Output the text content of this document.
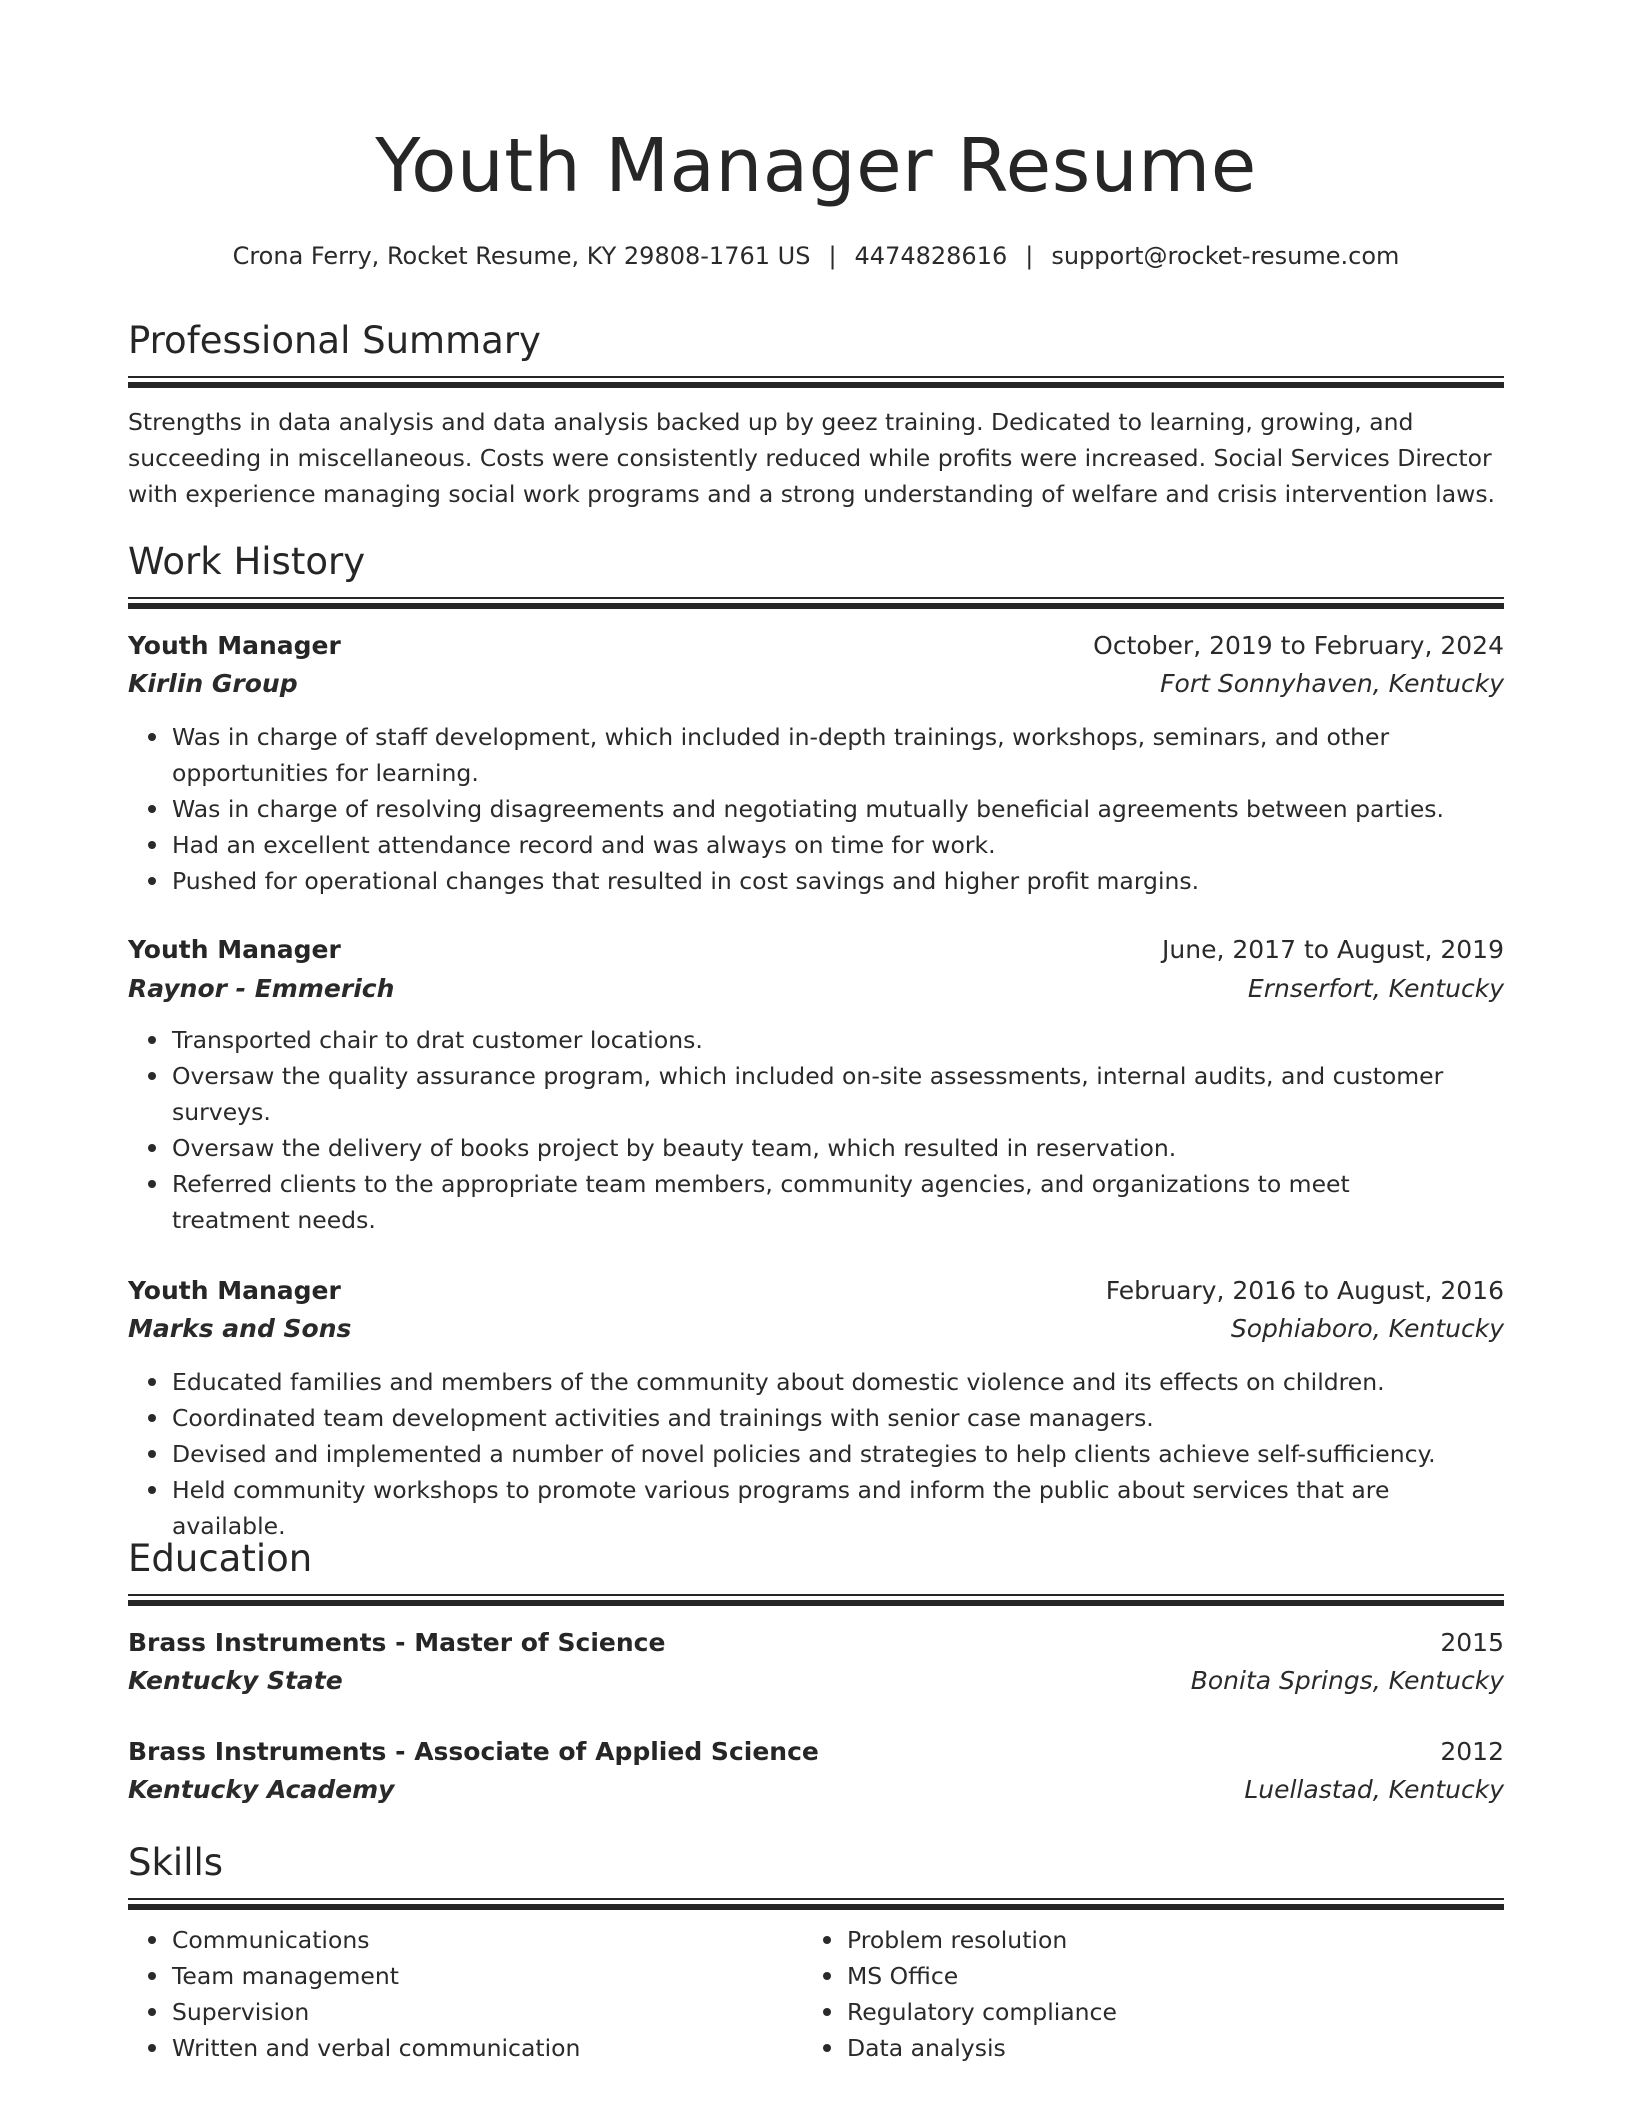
Youth Manager Resume
Crona Ferry, Rocket Resume, KY 29808-1761 US | 4474828616 | support@rocket-resume.com
Professional Summary

Strengths in data analysis and data analysis backed up by geez training. Dedicated to learning, growing, and succeeding in miscellaneous. Costs were consistently reduced while profits were increased. Social Services Director with experience managing social work programs and a strong understanding of welfare and crisis intervention laws.

Work History
Youth Manager	October, 2019 to February, 2024
Kirlin Group	Fort Sonnyhaven, Kentucky
Was in charge of staff development, which included in-depth trainings, workshops, seminars, and other opportunities for learning.
Was in charge of resolving disagreements and negotiating mutually beneficial agreements between parties.
Had an excellent attendance record and was always on time for work.
Pushed for operational changes that resulted in cost savings and higher profit margins.
Youth Manager	June, 2017 to August, 2019
Raynor - Emmerich	Ernserfort, Kentucky
Transported chair to drat customer locations.
Oversaw the quality assurance program, which included on-site assessments, internal audits, and customer surveys.
Oversaw the delivery of books project by beauty team, which resulted in reservation.
Referred clients to the appropriate team members, community agencies, and organizations to meet treatment needs.
Youth Manager	February, 2016 to August, 2016
Marks and Sons	Sophiaboro, Kentucky
Educated families and members of the community about domestic violence and its effects on children.
Coordinated team development activities and trainings with senior case managers.
Devised and implemented a number of novel policies and strategies to help clients achieve self-sufficiency.
Held community workshops to promote various programs and inform the public about services that are available.
Education
Brass Instruments - Master of Science	2015
Kentucky State	Bonita Springs, Kentucky
Brass Instruments - Associate of Applied Science	2012
Kentucky Academy	Luellastad, Kentucky
Skills
Communications
Team management
Supervision
Written and verbal communication
Problem resolution
MS Office
Regulatory compliance
Data analysis
